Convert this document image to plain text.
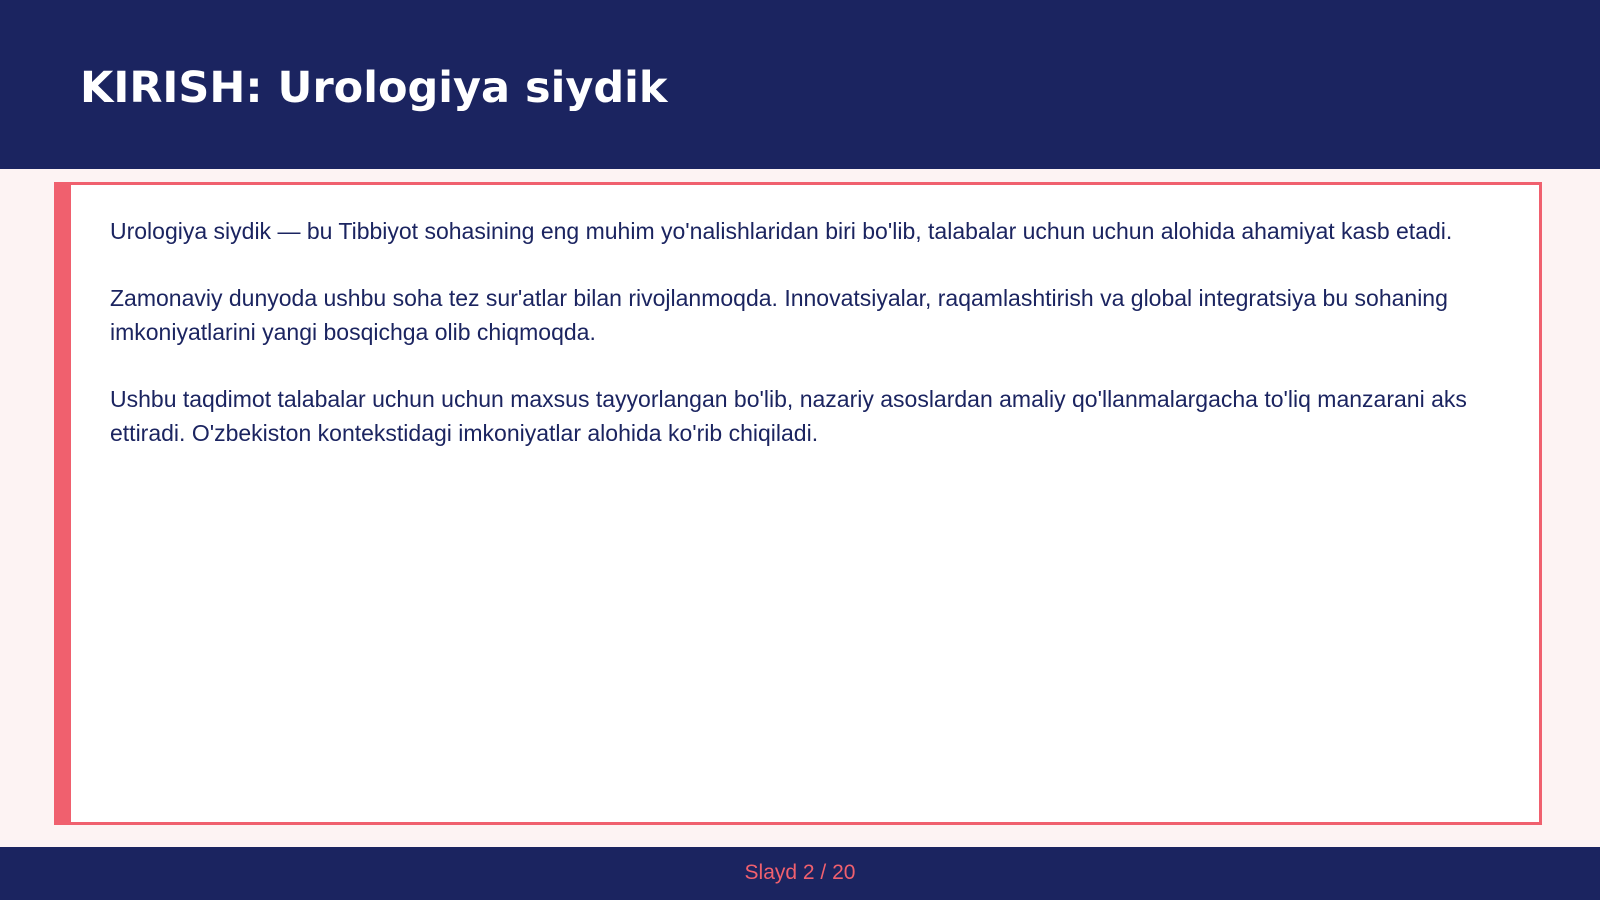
KIRISH: Urologiya siydik

Urologiya siydik — bu Tibbiyot sohasining eng muhim yo'nalishlaridan biri bo'lib, talabalar uchun uchun alohida ahamiyat kasb etadi.

Zamonaviy dunyoda ushbu soha tez sur'atlar bilan rivojlanmoqda. Innovatsiyalar, raqamlashtirish va global integratsiya bu sohaning imkoniyatlarini yangi bosqichga olib chiqmoqda.

Ushbu taqdimot talabalar uchun uchun maxsus tayyorlangan bo'lib, nazariy asoslardan amaliy qo'llanmalargacha to'liq manzarani aks ettiradi. O'zbekiston kontekstidagi imkoniyatlar alohida ko'rib chiqiladi.

Slayd 2 / 20
